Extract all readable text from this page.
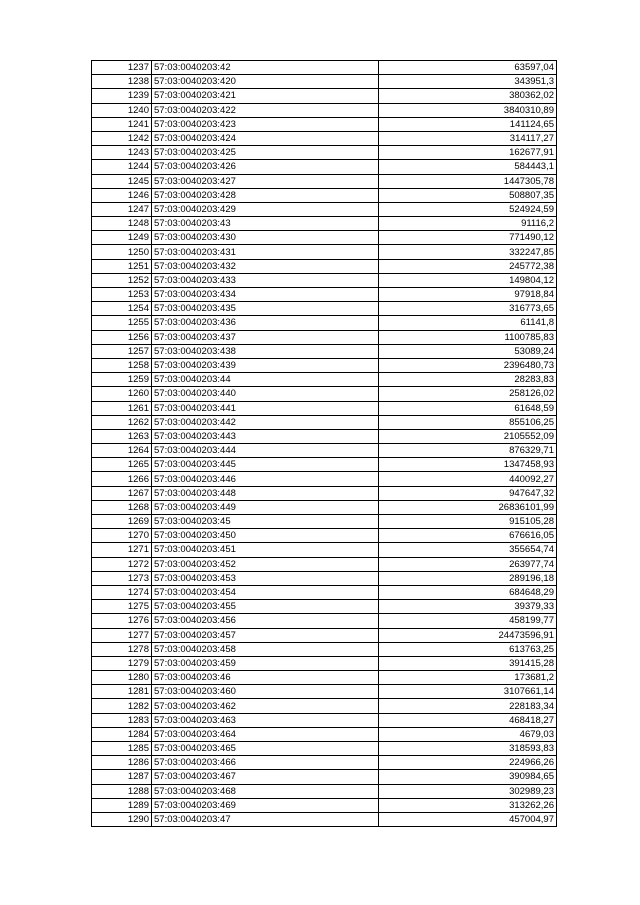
1237	57:03:0040203:42	63597,04
1238	57:03:0040203:420	343951,3
1239	57:03:0040203:421	380362,02
1240	57:03:0040203:422	3840310,89
1241	57:03:0040203:423	141124,65
1242	57:03:0040203:424	314117,27
1243	57:03:0040203:425	162677,91
1244	57:03:0040203:426	584443,1
1245	57:03:0040203:427	1447305,78
1246	57:03:0040203:428	508807,35
1247	57:03:0040203:429	524924,59
1248	57:03:0040203:43	91116,2
1249	57:03:0040203:430	771490,12
1250	57:03:0040203:431	332247,85
1251	57:03:0040203:432	245772,38
1252	57:03:0040203:433	149804,12
1253	57:03:0040203:434	97918,84
1254	57:03:0040203:435	316773,65
1255	57:03:0040203:436	61141,8
1256	57:03:0040203:437	1100785,83
1257	57:03:0040203:438	53089,24
1258	57:03:0040203:439	2396480,73
1259	57:03:0040203:44	28283,83
1260	57:03:0040203:440	258126,02
1261	57:03:0040203:441	61648,59
1262	57:03:0040203:442	855106,25
1263	57:03:0040203:443	2105552,09
1264	57:03:0040203:444	876329,71
1265	57:03:0040203:445	1347458,93
1266	57:03:0040203:446	440092,27
1267	57:03:0040203:448	947647,32
1268	57:03:0040203:449	26836101,99
1269	57:03:0040203:45	915105,28
1270	57:03:0040203:450	676616,05
1271	57:03:0040203:451	355654,74
1272	57:03:0040203:452	263977,74
1273	57:03:0040203:453	289196,18
1274	57:03:0040203:454	684648,29
1275	57:03:0040203:455	39379,33
1276	57:03:0040203:456	458199,77
1277	57:03:0040203:457	24473596,91
1278	57:03:0040203:458	613763,25
1279	57:03:0040203:459	391415,28
1280	57:03:0040203:46	173681,2
1281	57:03:0040203:460	3107661,14
1282	57:03:0040203:462	228183,34
1283	57:03:0040203:463	468418,27
1284	57:03:0040203:464	4679,03
1285	57:03:0040203:465	318593,83
1286	57:03:0040203:466	224966,26
1287	57:03:0040203:467	390984,65
1288	57:03:0040203:468	302989,23
1289	57:03:0040203:469	313262,26
1290	57:03:0040203:47	457004,97
